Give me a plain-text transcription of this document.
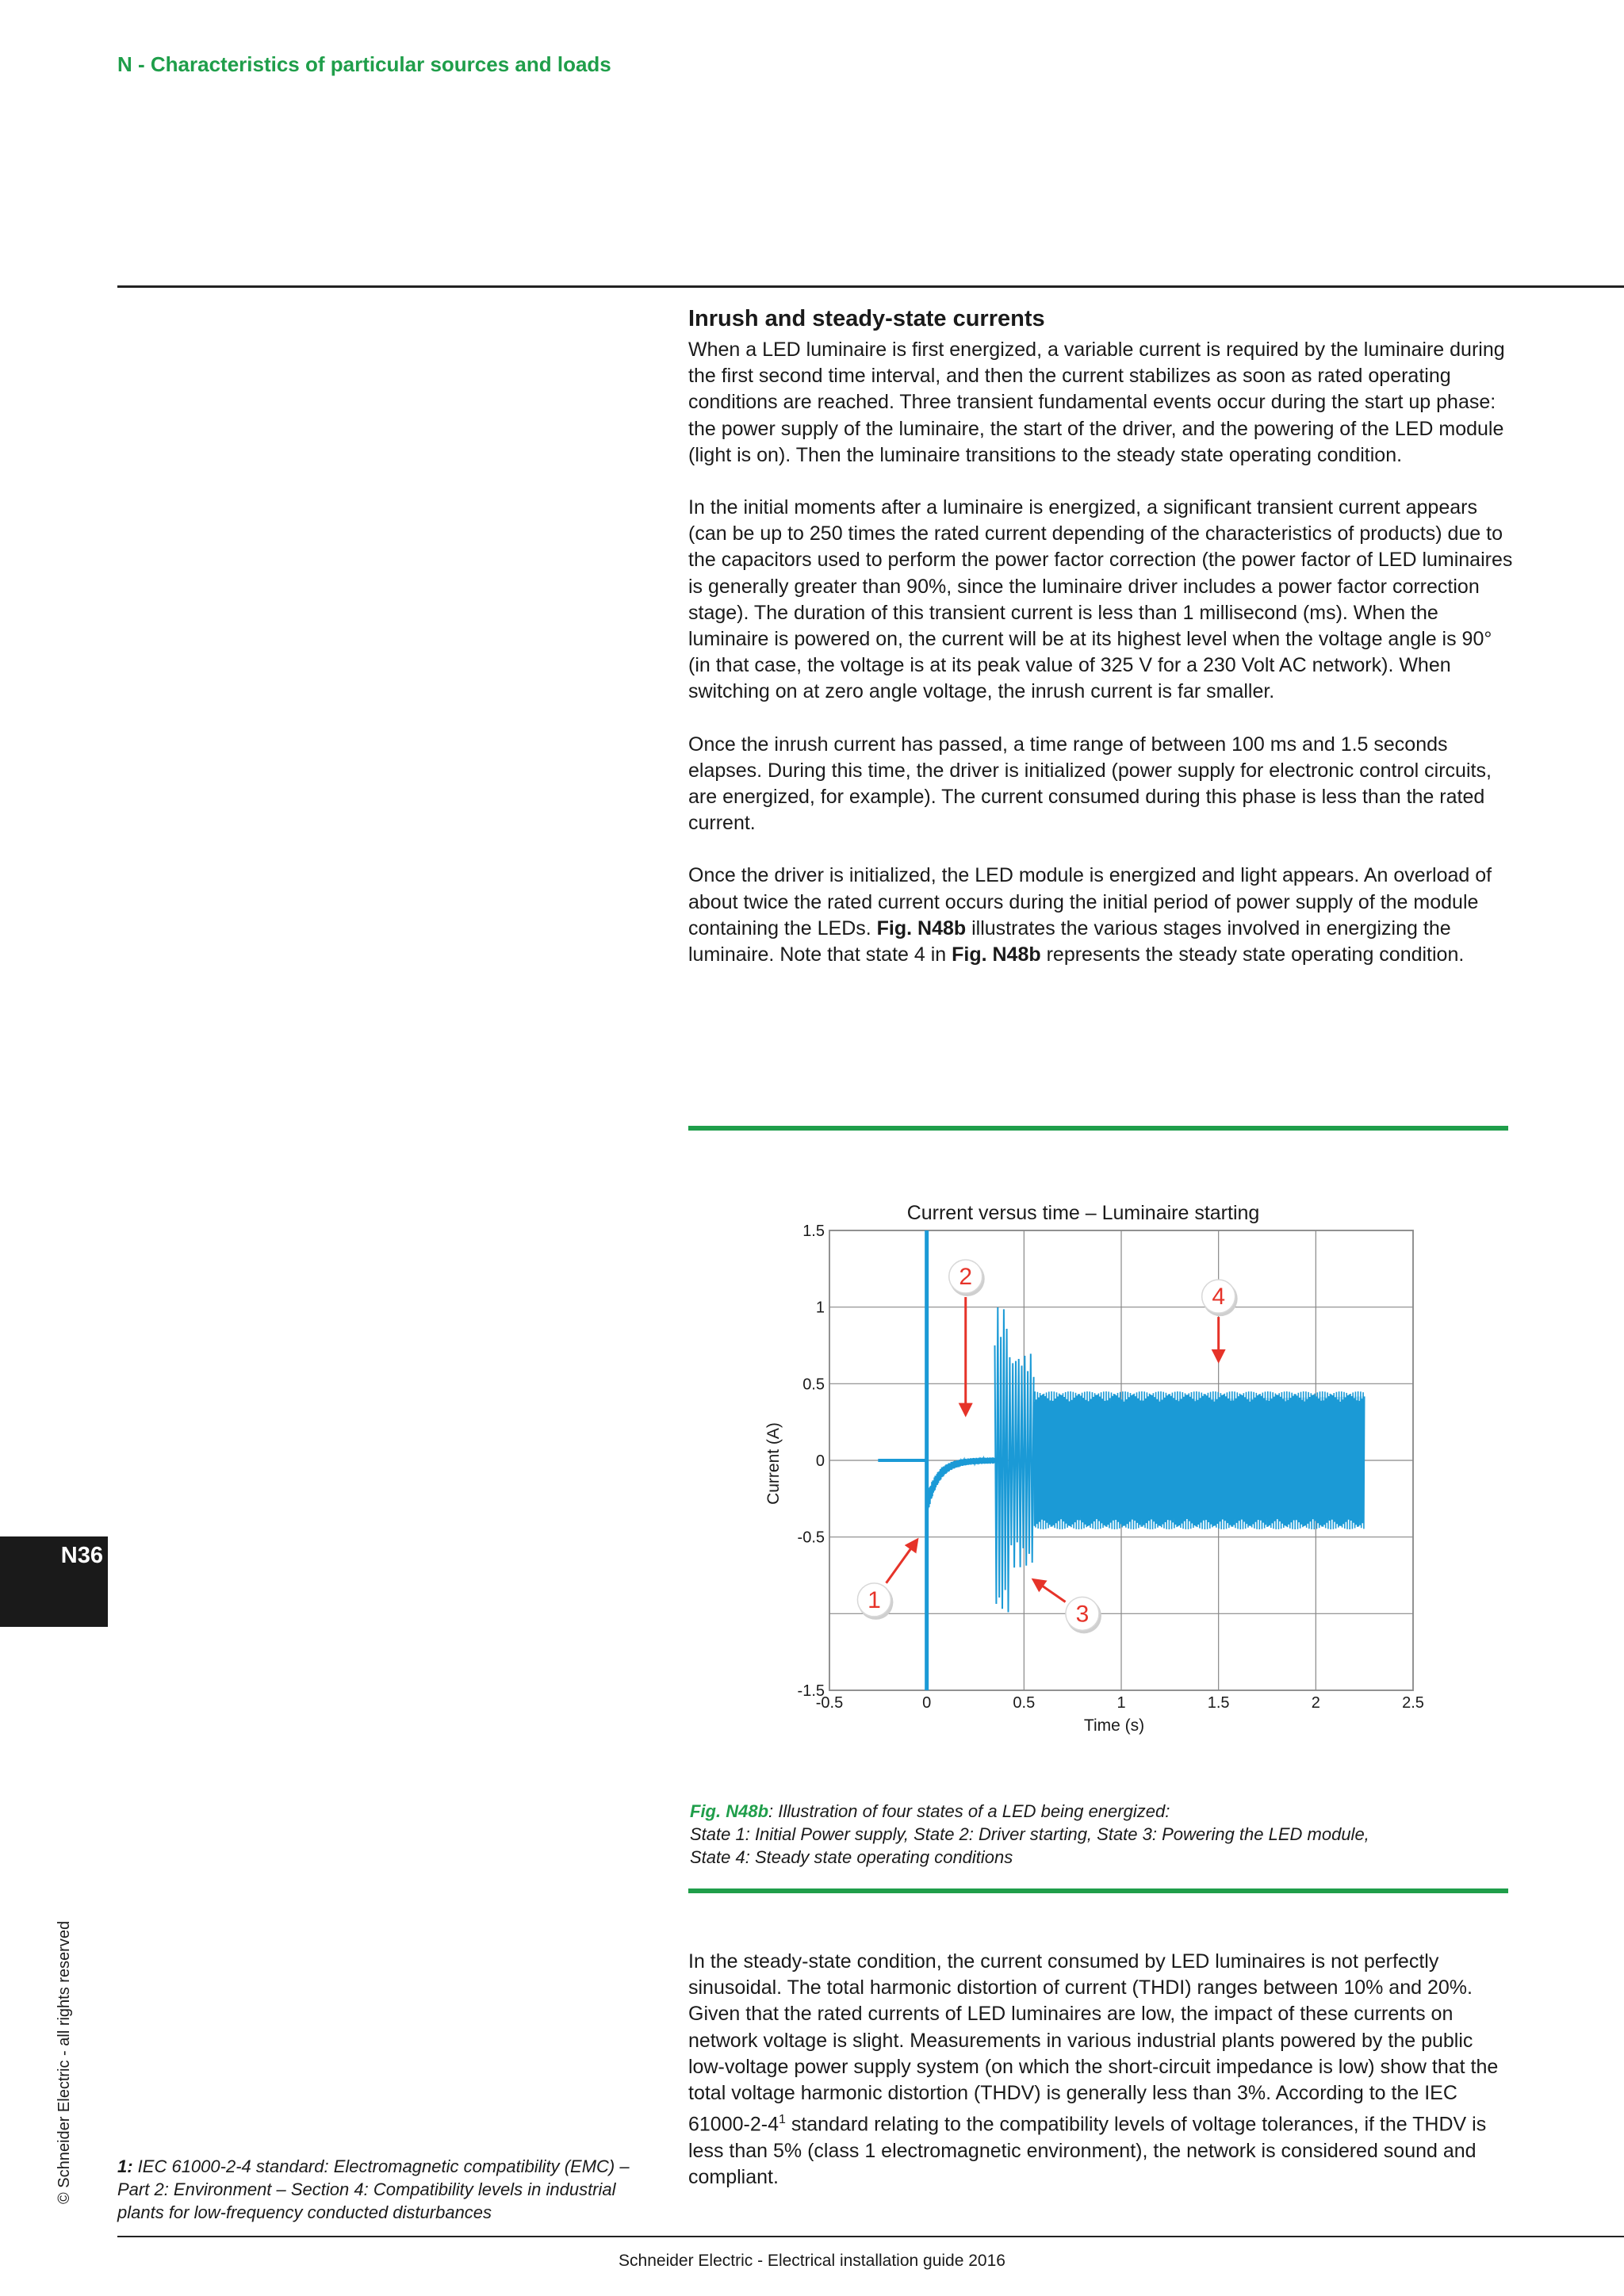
N - Characteristics of particular sources and loads
Inrush and steady-state currents

When a LED luminaire is first energized, a variable current is required by the luminaire during the first second time interval, and then the current stabilizes as soon as rated operating conditions are reached. Three transient fundamental events occur during the start up phase: the power supply of the luminaire, the start of the driver, and the powering of the LED module (light is on). Then the luminaire transitions to the steady state operating condition.

In the initial moments after a luminaire is energized, a significant transient current appears (can be up to 250 times the rated current depending of the characteristics of products) due to the capacitors used to perform the power factor correction (the power factor of LED luminaires is generally greater than 90%, since the luminaire driver includes a power factor correction stage). The duration of this transient current is less than 1 millisecond (ms). When the luminaire is powered on, the current will be at its highest level when the voltage angle is 90° (in that case, the voltage is at its peak value of 325 V for a 230 Volt AC network). When switching on at zero angle voltage, the inrush current is far smaller.

Once the inrush current has passed, a time range of between 100 ms and 1.5 seconds elapses. During this time, the driver is initialized (power supply for electronic control circuits, are energized, for example). The current consumed during this phase is less than the rated current.

Once the driver is initialized, the LED module is energized and light appears. An overload of about twice the rated current occurs during the initial period of power supply of the module containing the LEDs. Fig. N48b illustrates the various stages involved in energizing the luminaire. Note that state 4 in Fig. N48b represents the steady state operating condition.

Current versus time – Luminaire starting
-0.5	0	0.5	1	1.5	2	2.5
1.5
1
0.5
0
-0.5
-1.5
1
2
3
4
Time (s)
Current (A)
Fig. N48b: Illustration of four states of a LED being energized:
State 1: Initial Power supply, State 2: Driver starting, State 3: Powering the LED module,
State 4: Steady state operating conditions

In the steady-state condition, the current consumed by LED luminaires is not perfectly sinusoidal. The total harmonic distortion of current (THDI) ranges between 10% and 20%. Given that the rated currents of LED luminaires are low, the impact of these currents on network voltage is slight. Measurements in various industrial plants powered by the public low-voltage power supply system (on which the short-circuit impedance is low) show that the total voltage harmonic distortion (THDV) is generally less than 3%. According to the IEC $61000-2-4^1$ standard relating to the compatibility levels of voltage tolerances, if the THDV is less than 5% (class 1 electromagnetic environment), the network is considered sound and compliant.

1: IEC 61000-2-4 standard: Electromagnetic compatibility (EMC) – Part 2: Environment – Section 4: Compatibility levels in industrial plants for low-frequency conducted disturbances
N36
© Schneider Electric - all rights reserved
Schneider Electric - Electrical installation guide 2016
